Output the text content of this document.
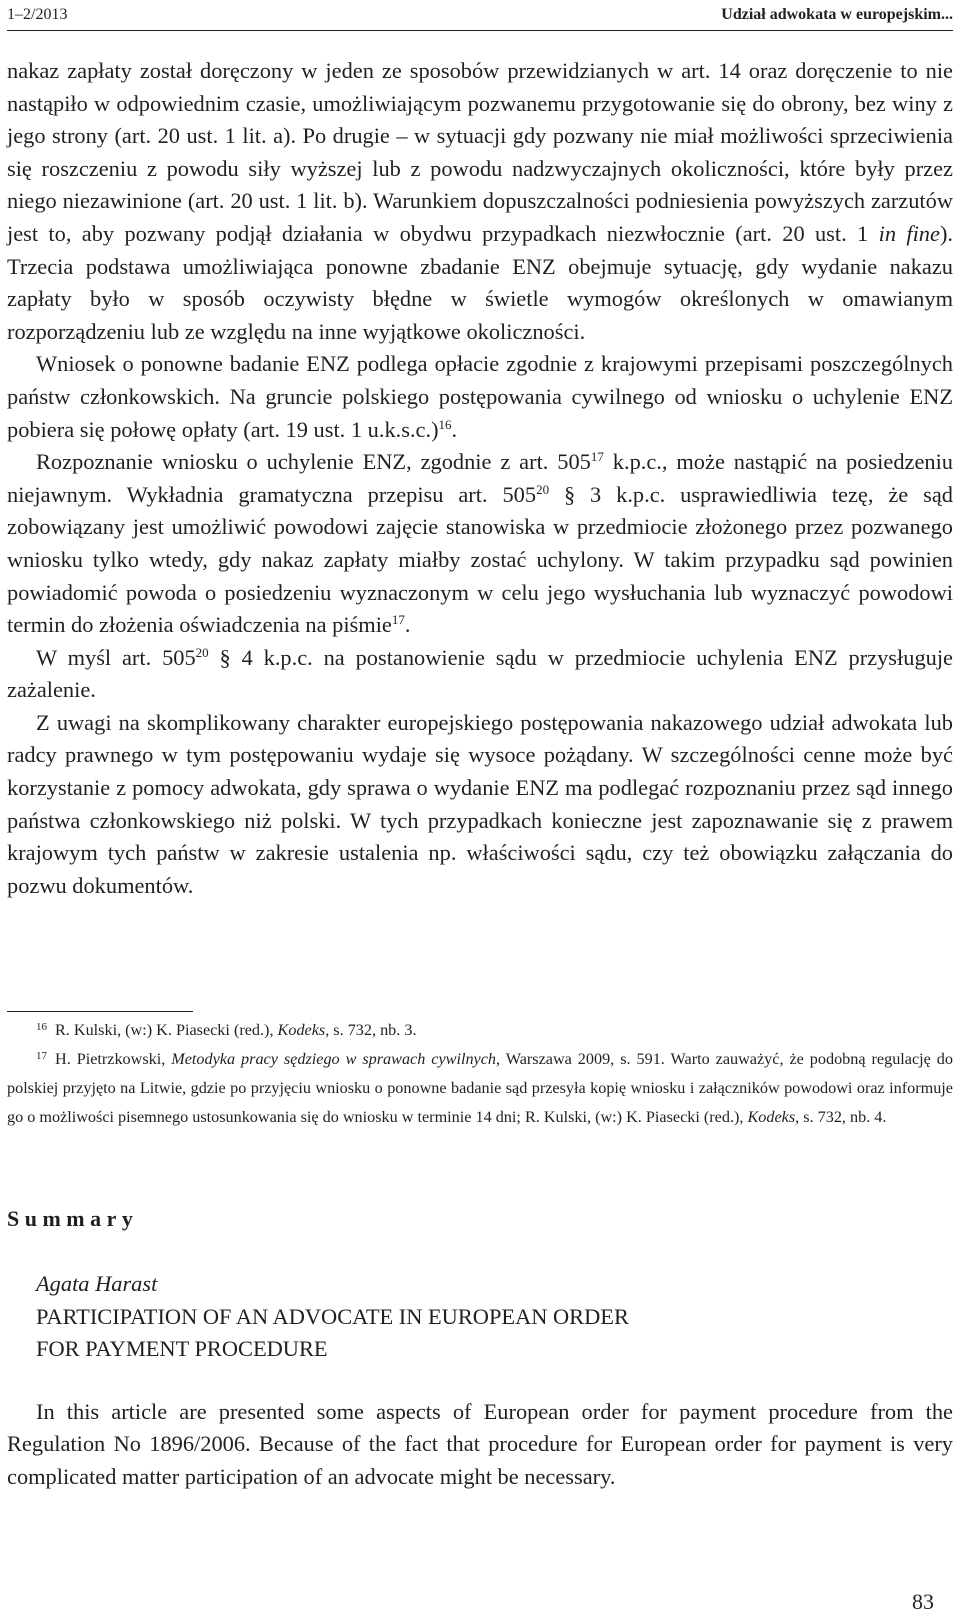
1–2/2013	Udział adwokata w europejskim...

nakaz zapłaty został doręczony w jeden ze sposobów przewidzianych w art. 14 oraz doręczenie to nie nastąpiło w odpowiednim czasie, umożliwiającym pozwanemu przygotowanie się do obrony, bez winy z jego strony (art. 20 ust. 1 lit. a). Po drugie – w sytuacji gdy pozwany nie miał możliwości sprzeciwienia się roszczeniu z powodu siły wyższej lub z powodu nadzwyczajnych okoliczności, które były przez niego niezawinione (art. 20 ust. 1 lit. b). Warunkiem dopuszczalności podniesienia powyższych zarzutów jest to, aby pozwany podjął działania w obydwu przypadkach niezwłocznie (art. 20 ust. 1 in fine). Trzecia podstawa umożliwiająca ponowne zbadanie ENZ obejmuje sytuację, gdy wydanie nakazu zapłaty było w sposób oczywisty błędne w świetle wymogów określonych w omawianym rozporządzeniu lub ze względu na inne wyjątkowe okoliczności.

Wniosek o ponowne badanie ENZ podlega opłacie zgodnie z krajowymi przepisami poszczególnych państw członkowskich. Na gruncie polskiego postępowania cywilnego od wniosku o uchylenie ENZ pobiera się połowę opłaty (art. 19 ust. 1 u.k.s.c.)$^{16}$.

Rozpoznanie wniosku o uchylenie ENZ, zgodnie z art. $505^{17}$ k.p.c., może nastąpić na posiedzeniu niejawnym. Wykładnia gramatyczna przepisu art. $505^{20}$ § 3 k.p.c. usprawiedliwia tezę, że sąd zobowiązany jest umożliwić powodowi zajęcie stanowiska w przedmiocie złożonego przez pozwanego wniosku tylko wtedy, gdy nakaz zapłaty miałby zostać uchylony. W takim przypadku sąd powinien powiadomić powoda o posiedzeniu wyznaczonym w celu jego wysłuchania lub wyznaczyć powodowi termin do złożenia oświadczenia na piśmie$^{17}$.

W myśl art. $505^{20}$ § 4 k.p.c. na postanowienie sądu w przedmiocie uchylenia ENZ przysługuje zażalenie.

Z uwagi na skomplikowany charakter europejskiego postępowania nakazowego udział adwokata lub radcy prawnego w tym postępowaniu wydaje się wysoce pożądany. W szczególności cenne może być korzystanie z pomocy adwokata, gdy sprawa o wydanie ENZ ma podlegać rozpoznaniu przez sąd innego państwa członkowskiego niż polski. W tych przypadkach konieczne jest zapoznawanie się z prawem krajowym tych państw w zakresie ustalenia np. właściwości sądu, czy też obowiązku załączania do pozwu dokumentów.

$^{16}$ R. Kulski, (w:) K. Piasecki (red.), Kodeks, s. 732, nb. 3.

$^{17}$ H. Pietrzkowski, Metodyka pracy sędziego w sprawach cywilnych, Warszawa 2009, s. 591. Warto zauważyć, że podobną regulację do polskiej przyjęto na Litwie, gdzie po przyjęciu wniosku o ponowne badanie sąd przesyła kopię wniosku i załączników powodowi oraz informuje go o możliwości pisemnego ustosunkowania się do wniosku w terminie 14 dni; R. Kulski, (w:) K. Piasecki (red.), Kodeks, s. 732, nb. 4.

Summary

Agata Harast

PARTICIPATION OF AN ADVOCATE IN EUROPEAN ORDER

FOR PAYMENT PROCEDURE

In this article are presented some aspects of European order for payment procedure from the Regulation No 1896/2006. Because of the fact that procedure for European order for payment is very complicated matter participation of an advocate might be necessary.

83
